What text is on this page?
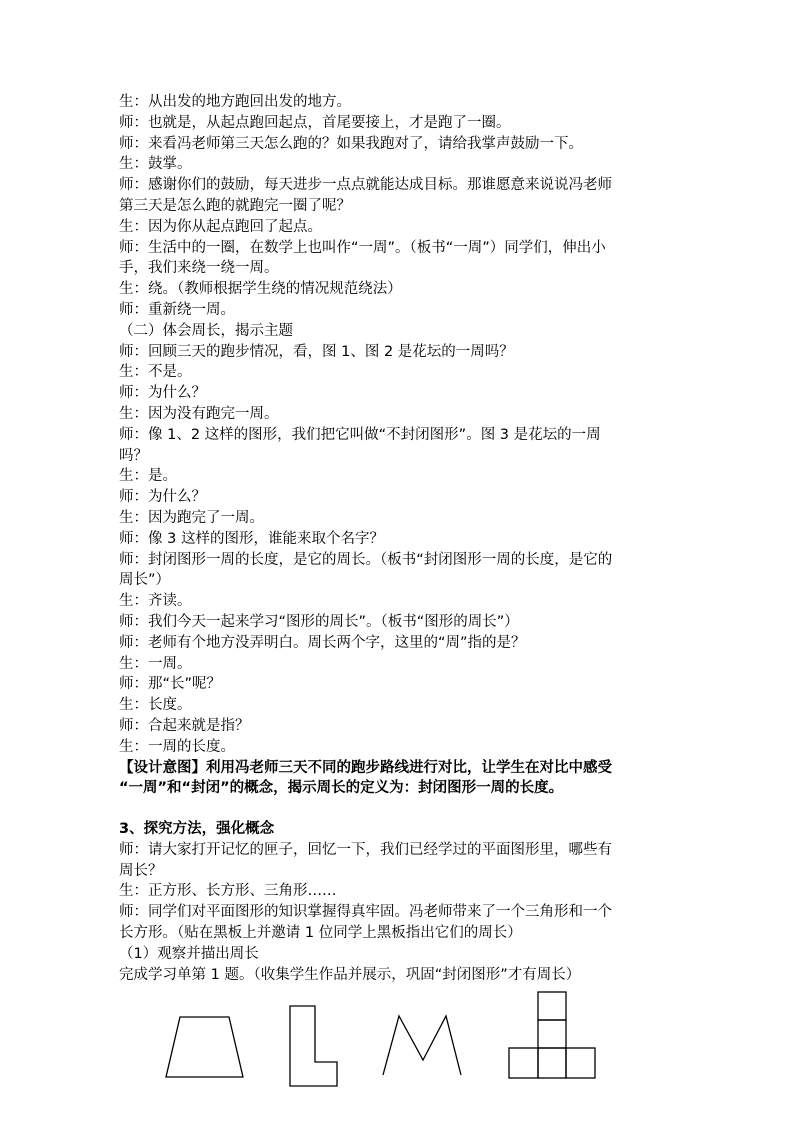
生：从出发的地方跑回出发的地方。
师：也就是，从起点跑回起点，首尾要接上，才是跑了一圈。
师：来看冯老师第三天怎么跑的？如果我跑对了，请给我掌声鼓励一下。
生：鼓掌。
师：感谢你们的鼓励，每天进步一点点就能达成目标。那谁愿意来说说冯老师
第三天是怎么跑的就跑完一圈了呢？
生：因为你从起点跑回了起点。
师：生活中的一圈，在数学上也叫作“一周”。（板书“一周”）同学们，伸出小
手，我们来绕一绕一周。
生：绕。（教师根据学生绕的情况规范绕法）
师：重新绕一周。
（二）体会周长，揭示主题
师：回顾三天的跑步情况，看，图 1、图 2 是花坛的一周吗？
生：不是。
师：为什么？
生：因为没有跑完一周。
师：像 1、2 这样的图形，我们把它叫做“不封闭图形”。图 3 是花坛的一周
吗？
生：是。
师：为什么？
生：因为跑完了一周。
师：像 3 这样的图形，谁能来取个名字？
师：封闭图形一周的长度，是它的周长。（板书“封闭图形一周的长度，是它的
周长”）
生：齐读。
师：我们今天一起来学习“图形的周长”。（板书“图形的周长”）
师：老师有个地方没弄明白。周长两个字，这里的“周”指的是？
生：一周。
师：那“长”呢？
生：长度。
师：合起来就是指？
生：一周的长度。
【设计意图】利用冯老师三天不同的跑步路线进行对比，让学生在对比中感受
“一周”和“封闭”的概念，揭示周长的定义为：封闭图形一周的长度。
3、探究方法，强化概念
师：请大家打开记忆的匣子，回忆一下，我们已经学过的平面图形里，哪些有
周长？
生：正方形、长方形、三角形……
师：同学们对平面图形的知识掌握得真牢固。冯老师带来了一个三角形和一个
长方形。（贴在黑板上并邀请 1 位同学上黑板指出它们的周长）
（1）观察并描出周长
完成学习单第 1 题。（收集学生作品并展示，巩固“封闭图形”才有周长）
